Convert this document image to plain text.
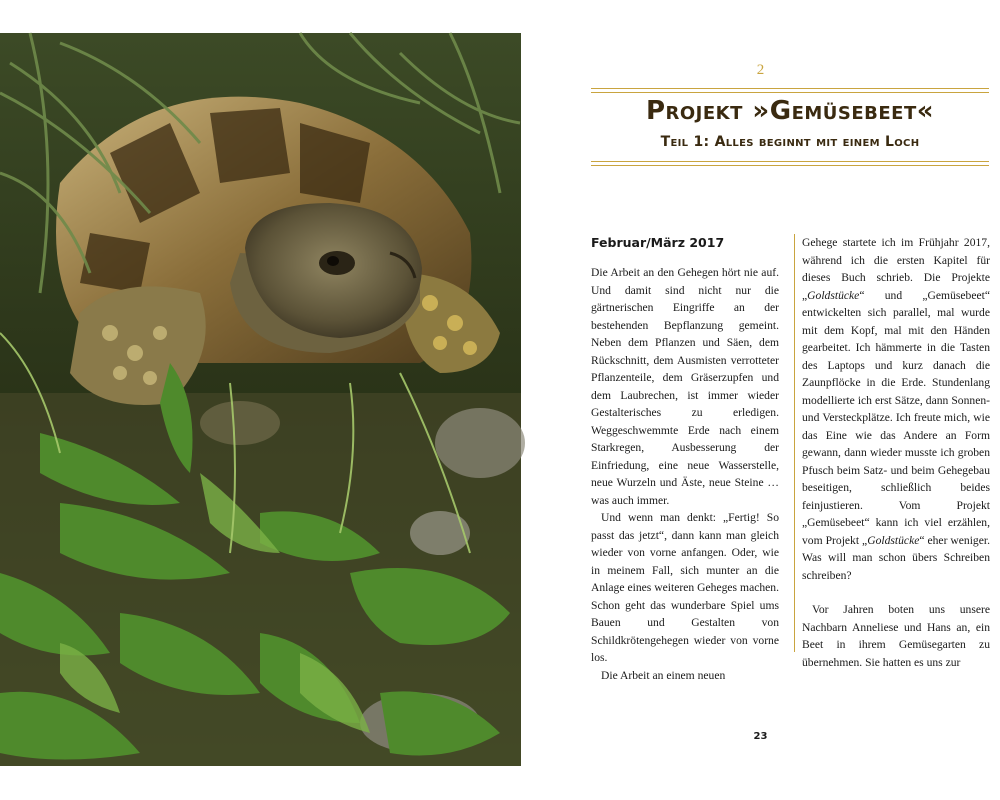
2
Projekt »Gemüsebeet«
Teil 1: Alles beginnt mit einem Loch
Februar/März 2017

Die Arbeit an den Gehegen hört nie auf. Und damit sind nicht nur die gärtnerischen Eingriffe an der bestehenden Bepflanzung gemeint. Neben dem Pflanzen und Säen, dem Rückschnitt, dem Ausmisten verrotteter Pflanzenteile, dem Gräserzupfen und dem Laubrechen, ist immer wieder Gestalterisches zu erledigen. Weggeschwemmte Erde nach einem Starkregen, Ausbesserung der Einfriedung, eine neue Wasserstelle, neue Wurzeln und Äste, neue Steine … was auch immer.

Und wenn man denkt: „Fertig! So passt das jetzt“, dann kann man gleich wieder von vorne anfangen. Oder, wie in meinem Fall, sich munter an die Anlage eines weiteren Geheges machen. Schon geht das wunderbare Spiel ums Bauen und Gestalten von Schildkrötengehegen wieder von vorne los.

Die Arbeit an einem neuen

Gehege startete ich im Frühjahr 2017, während ich die ersten Kapitel für dieses Buch schrieb. Die Projekte „Goldstücke“ und „Gemüsebeet“ entwickelten sich parallel, mal wurde mit dem Kopf, mal mit den Händen gearbeitet. Ich hämmerte in die Tasten des Laptops und kurz danach die Zaunpflöcke in die Erde. Stundenlang modellierte ich erst Sätze, dann Sonnen- und Versteckplätze. Ich freute mich, wie das Eine wie das Andere an Form gewann, dann wieder musste ich groben Pfusch beim Satz- und beim Gehegebau beseitigen, schließlich beides feinjustieren. Vom Projekt „Gemüsebeet“ kann ich viel erzählen, vom Projekt „Goldstücke“ eher weniger. Was will man schon übers Schreiben schreiben?

Vor Jahren boten uns unsere Nachbarn Anneliese und Hans an, ein Beet in ihrem Gemüsegarten zu übernehmen. Sie hatten es uns zur

23
